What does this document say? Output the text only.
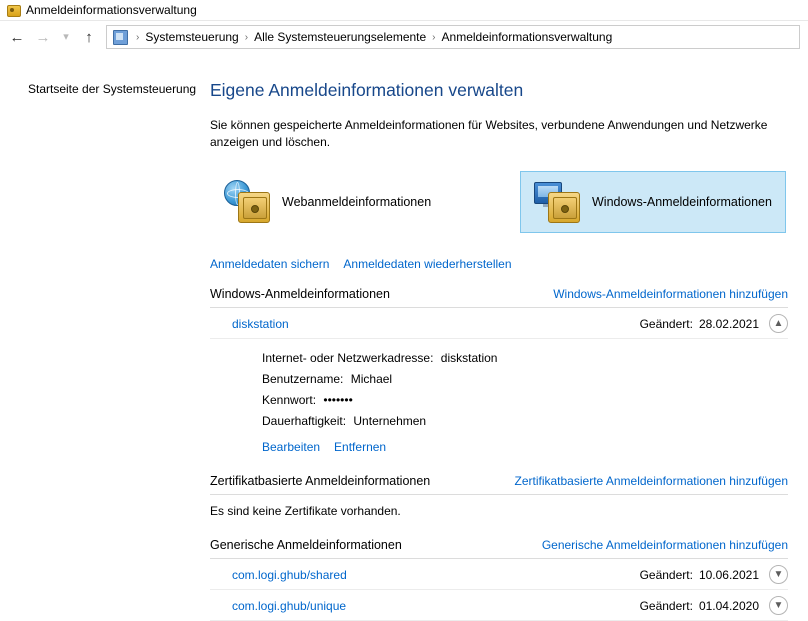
Anmeldeinformationsverwaltung
← →	▾	↑	› Systemsteuerung › Alle Systemsteuerungselemente › Anmeldeinformationsverwaltung
Startseite der Systemsteuerung Eigene Anmeldeinformationen verwalten

Sie können gespeicherte Anmeldeinformationen für Websites, verbundene Anwendungen und Netzwerke anzeigen und löschen.

Webanmeldeinformationen	Windows-Anmeldeinformationen
Anmeldedaten sichern Anmeldedaten wiederherstellen
Windows-Anmeldeinformationen	Windows-Anmeldeinformationen hinzufügen
diskstation	Geändert: 28.02.2021	▲
Internet- oder Netzwerkadresse: diskstation
Benutzername: Michael
Kennwort: •••••••
Dauerhaftigkeit: Unternehmen
Bearbeiten Entfernen
Zertifikatbasierte Anmeldeinformationen	Zertifikatbasierte Anmeldeinformationen hinzufügen
Es sind keine Zertifikate vorhanden.
Generische Anmeldeinformationen	Generische Anmeldeinformationen hinzufügen
com.logi.ghub/shared	Geändert: 10.06.2021	▼
com.logi.ghub/unique	Geändert: 01.04.2020	▼
